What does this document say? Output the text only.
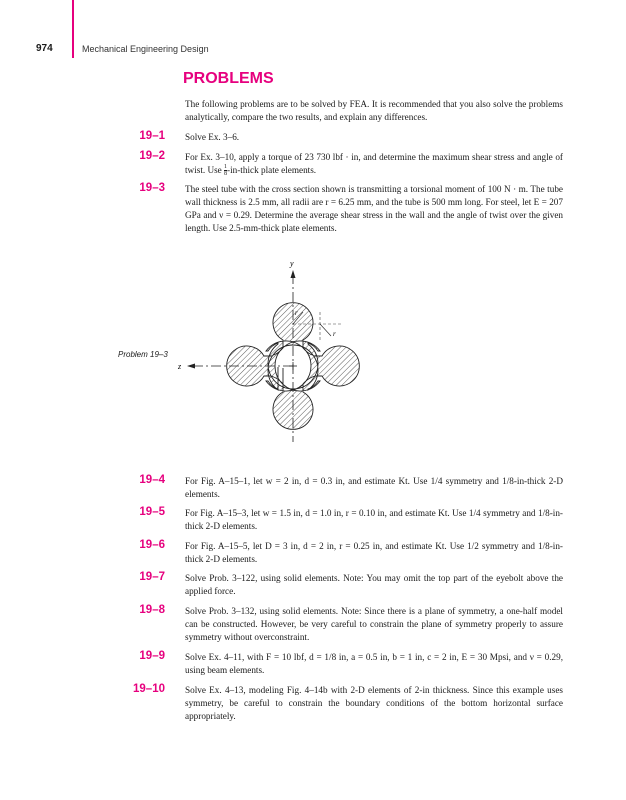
974	Mechanical Engineering Design
PROBLEMS
The following problems are to be solved by FEA. It is recommended that you also solve the problems analytically, compare the two results, and explain any differences.
19–1 Solve Ex. 3–6.
19–2 For Ex. 3–10, apply a torque of 23 730 lbf · in, and determine the maximum shear stress and angle of twist. Use $\frac{1}{8}$ -in-thick plate elements.
19–3 The steel tube with the cross section shown is transmitting a torsional moment of 100 N · m. The tube wall thickness is 2.5 mm, all radii are r = 6.25 mm, and the tube is 500 mm long. For steel, let E = 207 GPa and ν = 0.29. Determine the average shear stress in the wall and the angle of twist over the given length. Use 2.5-mm-thick plate elements.
Problem 19–3
y
z
r
r
19–4 For Fig. A–15–1, let w = 2 in, d = 0.3 in, and estimate Kt. Use 1/4 symmetry and 1/8-in-thick 2-D elements.
19–5 For Fig. A–15–3, let w = 1.5 in, d = 1.0 in, r = 0.10 in, and estimate Kt. Use 1/4 symmetry and 1/8-in-thick 2-D elements.
19–6 For Fig. A–15–5, let D = 3 in, d = 2 in, r = 0.25 in, and estimate Kt. Use 1/2 symmetry and 1/8-in-thick 2-D elements.
19–7 Solve Prob. 3–122, using solid elements. Note: You may omit the top part of the eyebolt above the applied force.
19–8 Solve Prob. 3–132, using solid elements. Note: Since there is a plane of symmetry, a one-half model can be constructed. However, be very careful to constrain the plane of symmetry properly to assure symmetry without overconstraint.
19–9 Solve Ex. 4–11, with F = 10 lbf, d = 1/8 in, a = 0.5 in, b = 1 in, c = 2 in, E = 30 Mpsi, and ν = 0.29, using beam elements.
19–10 Solve Ex. 4–13, modeling Fig. 4–14b with 2-D elements of 2-in thickness. Since this example uses symmetry, be careful to constrain the boundary conditions of the bottom horizontal surface appropriately.
